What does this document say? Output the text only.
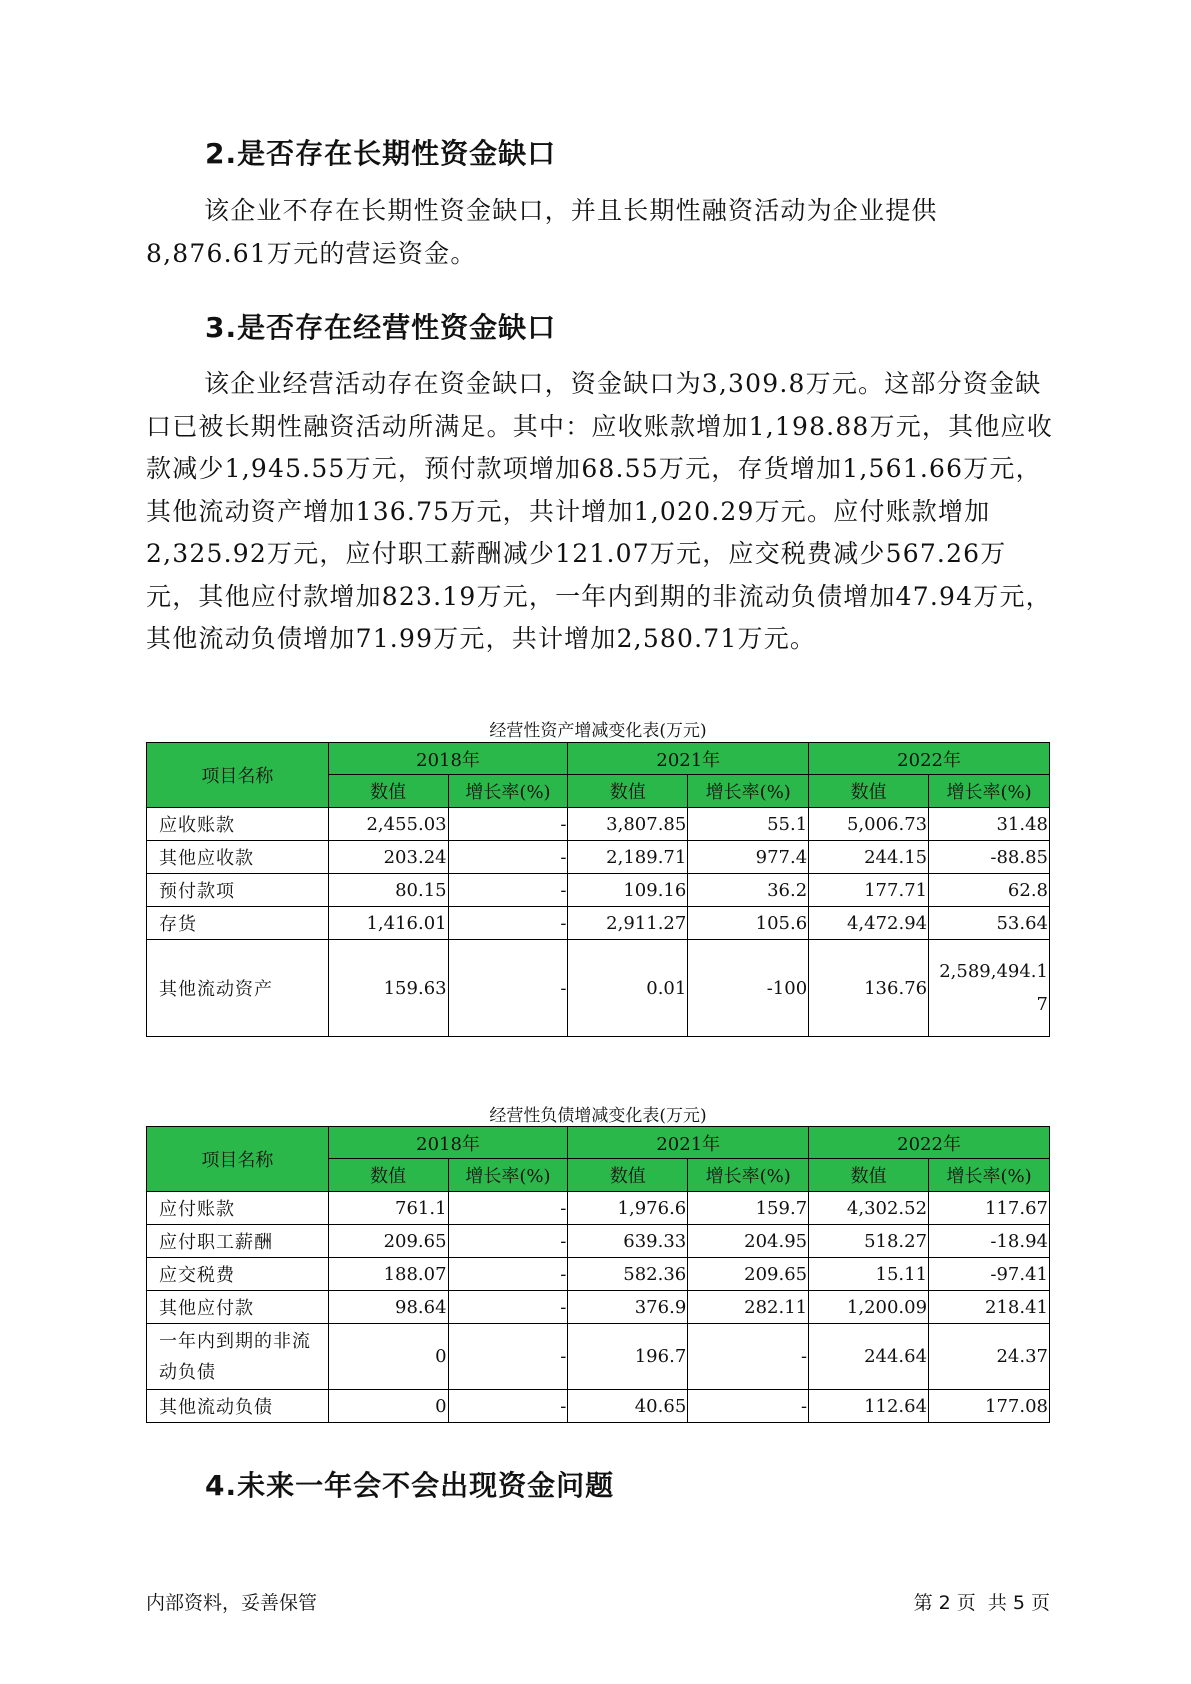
2.是否存在长期性资金缺口

该企业不存在长期性资金缺口，并且长期性融资活动为企业提供8,876.61万元的营运资金。

3.是否存在经营性资金缺口

该企业经营活动存在资金缺口，资金缺口为3,309.8万元。这部分资金缺口已被长期性融资活动所满足。其中：应收账款增加1,198.88万元，其他应收款减少1,945.55万元，预付款项增加68.55万元，存货增加1,561.66万元，其他流动资产增加136.75万元，共计增加1,020.29万元。应付账款增加2,325.92万元，应付职工薪酬减少121.07万元，应交税费减少567.26万元，其他应付款增加823.19万元，一年内到期的非流动负债增加47.94万元，其他流动负债增加71.99万元，共计增加2,580.71万元。

经营性资产增减变化表(万元)
项目名称	2018年		2021年		2022年	
	数值	增长率(%)	数值	增长率(%)	数值	增长率(%)
应收账款	2,455.03	-	3,807.85	55.1	5,006.73	31.48
其他应收款	203.24	-	2,189.71	977.4	244.15	-88.85
预付款项	80.15	-	109.16	36.2	177.71	62.8
存货	1,416.01	-	2,911.27	105.6	4,472.94	53.64
其他流动资产	159.63	-	0.01	-100	136.76	2,589,494.17
经营性负债增减变化表(万元)
项目名称	2018年		2021年		2022年	
	数值	增长率(%)	数值	增长率(%)	数值	增长率(%)
应付账款	761.1	-	1,976.6	159.7	4,302.52	117.67
应付职工薪酬	209.65	-	639.33	204.95	518.27	-18.94
应交税费	188.07	-	582.36	209.65	15.11	-97.41
其他应付款	98.64	-	376.9	282.11	1,200.09	218.41
一年内到期的非流动负债	0	-	196.7	-	244.64	24.37
其他流动负债	0	-	40.65	-	112.64	177.08
4.未来一年会不会出现资金问题
内部资料，妥善保管	第 2 页  共 5 页
